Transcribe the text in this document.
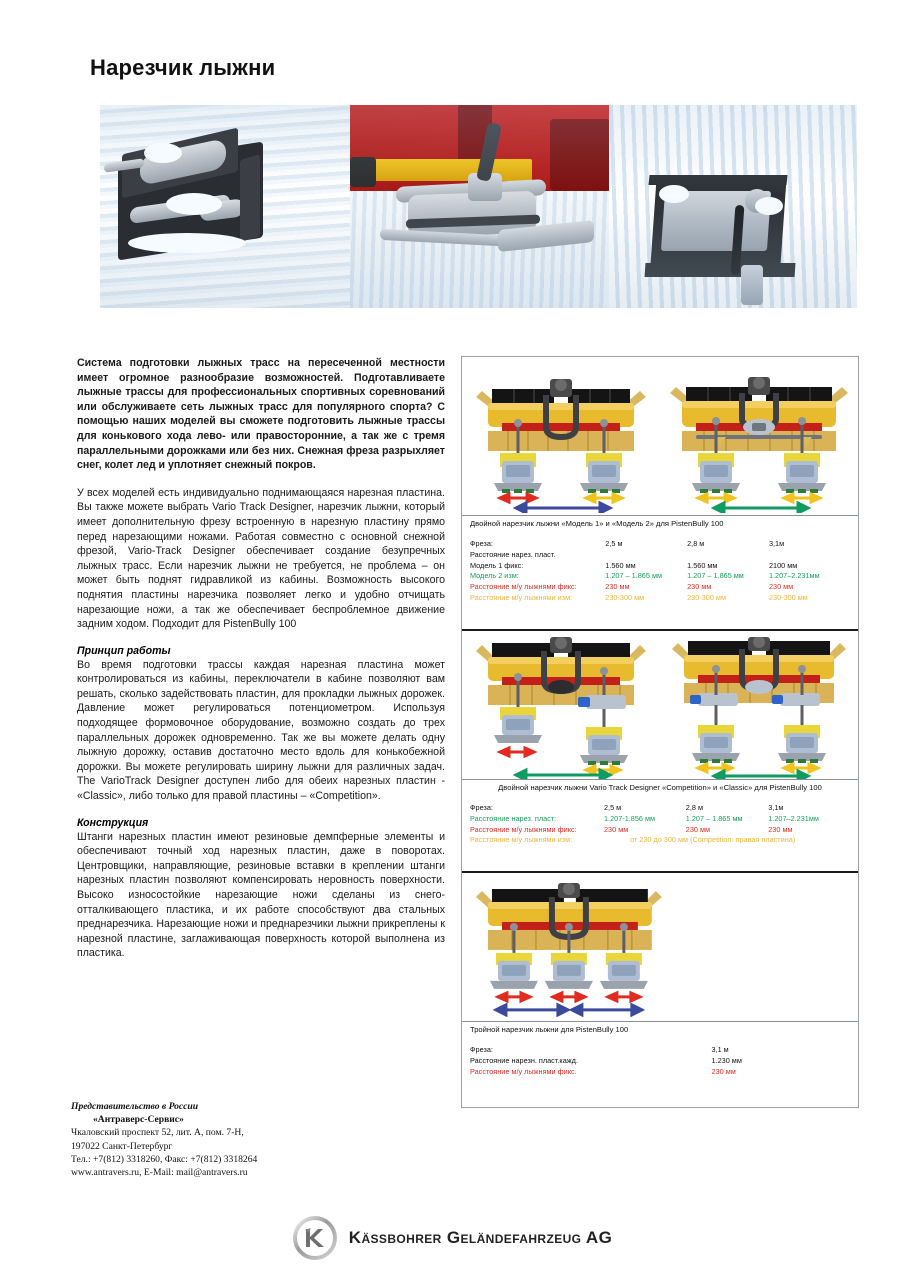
Нарезчик лыжни

Система подготовки лыжных трасс на пересеченной местности имеет огромное разнообразие возможностей. Подготавливаете лыжные трассы для профессиональных спортивных соревнований или обслуживаете сеть лыжных трасс для популярного спорта? С помощью наших моделей вы сможете подготовить лыжные трассы для конькового хода лево- или правосторонние, а так же с тремя параллельными дорожками или без них. Снежная фреза разрыхляет снег, колет лед и уплотняет снежный покров.

У всех моделей есть индивидуально поднимающаяся нарезная пластина. Вы также можете выбрать Vario Track Designer, нарезчик лыжни, который имеет дополнительную фрезу встроенную в нарезную пластину прямо перед нарезающими ножами. Работая совместно с основной снежной фрезой, Vario-Track Designer обеспечивает создание безупречных лыжных трасс. Если нарезчик лыжни не требуется, не проблема – он может быть поднят гидравликой из кабины. Возможность высокого поднятия пластины нарезчика позволяет легко и удобно отчищать нарезающие ножи, а так же обеспечивает беспроблемное движение задним ходом. Подходит для PistenBully 100

Принцип работы

Во время подготовки трассы каждая нарезная пластина может контролироваться из кабины, переключатели в кабине позволяют вам решать, сколько задействовать пластин, для прокладки лыжных дорожек. Давление может регулироваться потенциометром. Используя подходящее формовочное оборудование, возможно создать до трех параллельных дорожек одновременно. Так же вы можете делать одну лыжную дорожку, оставив достаточно место вдоль для конькобежной дорожки. Вы можете регулировать ширину лыжни для различных задач. The VarioTrack Designer доступен либо для обеих нарезных пластин - «Classic», либо только для правой пластины – «Competition».

Конструкция

Штанги нарезных пластин имеют резиновые демпферные элементы и обеспечивают точный ход нарезных пластин, даже в поворотах. Центровщики, направляющие, резиновые вставки в креплении штанги нарезных пластин позволяют компенсировать неровность поверхности. Высоко износостойкие нарезающие ножи сделаны из снего-отталкивающего пластика, и их работе способствуют два стальных преднарезчика. Нарезающие ножи и преднарезчики лыжни прикреплены к нарезной пластине, заглаживающая поверхность которой выполнена из пластика.

Представительство в России
«Антраверс-Сервис»
Чкаловский проспект 52, лит. А, пом. 7-Н,
197022 Санкт-Петербург
Тел.: +7(812) 3318260, Факс: +7(812) 3318264
www.antravers.ru, E-Mail: mail@antravers.ru
Двойной нарезчик лыжни «Модель 1» и «Модель 2» для PistenBully 100
Фреза:	2,5 м	2,8 м	3,1м
Расстояние нарез. пласт.			
Модель 1 фикс:	1.560 мм	1.560 мм	2100 мм
Модель 2 изм:	1.207 – 1.865 мм	1.207 – 1.865 мм	1.207–2.231мм
Расстояние м/у лыжнями фикс:	230 мм	230 мм	230 мм
Расстояние м/у лыжнями изм:	230-300 мм	230-300 мм	230-300 мм
Двойной нарезчик лыжни Vario Track Designer «Competition» и «Classic» для PistenBully 100
Фреза:	2,5 м	2,8 м	3,1м
Расстояние нарез. пласт:	1.207-1.856 мм	1.207 – 1.865 мм	1.207–2.231мм
Расстояние м/у лыжнями фикс:	230 мм	230 мм	230 мм
Расстояние м/у лыжнями изм:	от 230 до 300 мм (Competition: правая пластина)		
Тройной нарезчик лыжни для PistenBully 100
Фреза:	3,1 м
Расстояние нарезн. пласт.кажд.	1.230 мм
Расстояние м/у лыжнями фикс.	230 мм
Kässbohrer Geländefahrzeug AG
